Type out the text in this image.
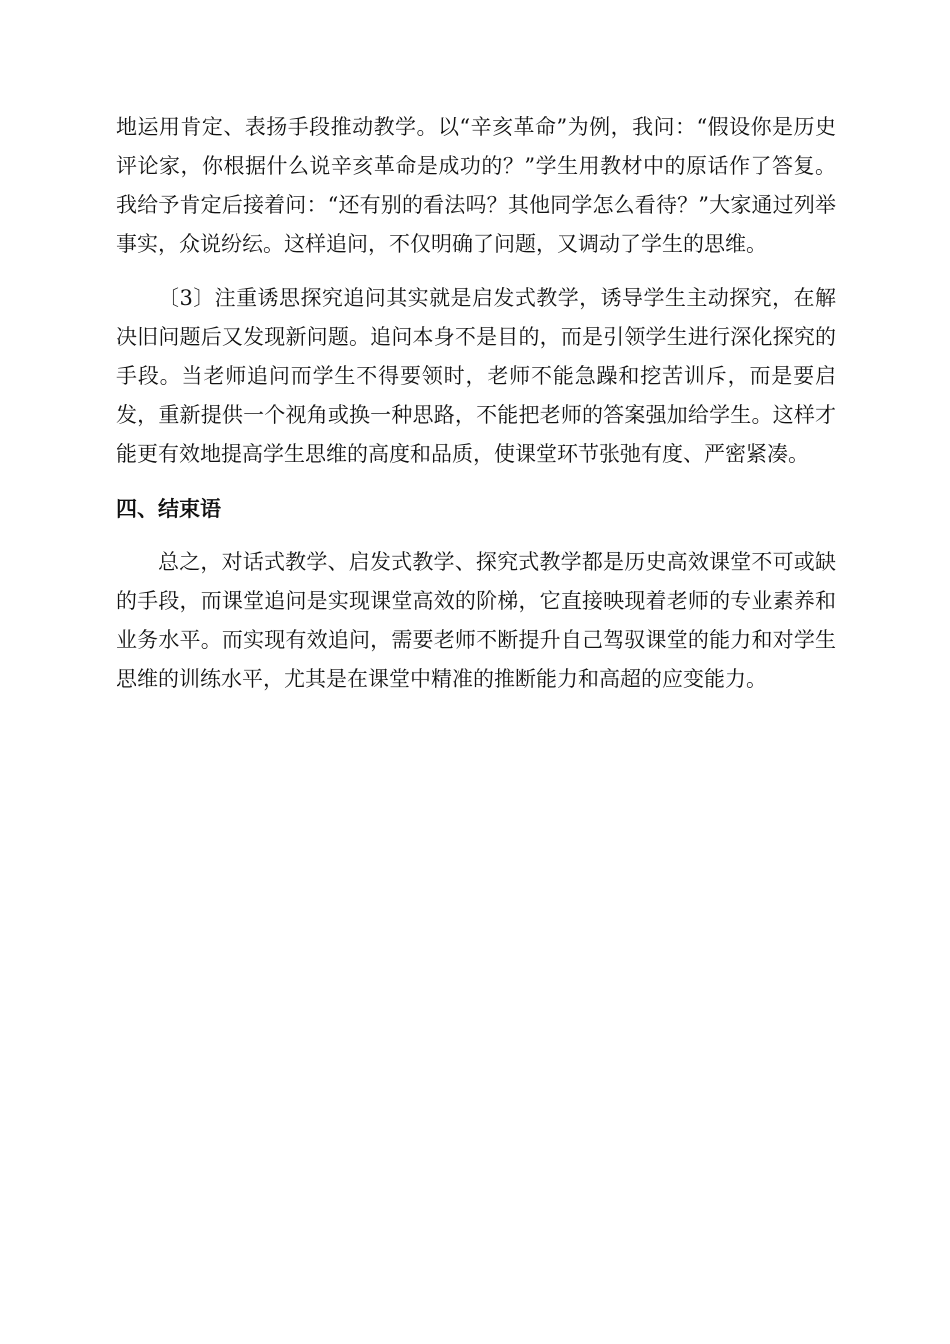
地运用肯定、表扬手段推动教学。以“辛亥革命”为例，我问：“假设你是历史评论家，你根据什么说辛亥革命是成功的？”学生用教材中的原话作了答复。我给予肯定后接着问：“还有别的看法吗？其他同学怎么看待？”大家通过列举事实，众说纷纭。这样追问，不仅明确了问题，又调动了学生的思维。

〔3〕注重诱思探究追问其实就是启发式教学，诱导学生主动探究，在解决旧问题后又发现新问题。追问本身不是目的，而是引领学生进行深化探究的手段。当老师追问而学生不得要领时，老师不能急躁和挖苦训斥，而是要启发，重新提供一个视角或换一种思路，不能把老师的答案强加给学生。这样才能更有效地提高学生思维的高度和品质，使课堂环节张弛有度、严密紧凑。

四、结束语

总之，对话式教学、启发式教学、探究式教学都是历史高效课堂不可或缺的手段，而课堂追问是实现课堂高效的阶梯，它直接映现着老师的专业素养和业务水平。而实现有效追问，需要老师不断提升自己驾驭课堂的能力和对学生思维的训练水平，尤其是在课堂中精准的推断能力和高超的应变能力。
